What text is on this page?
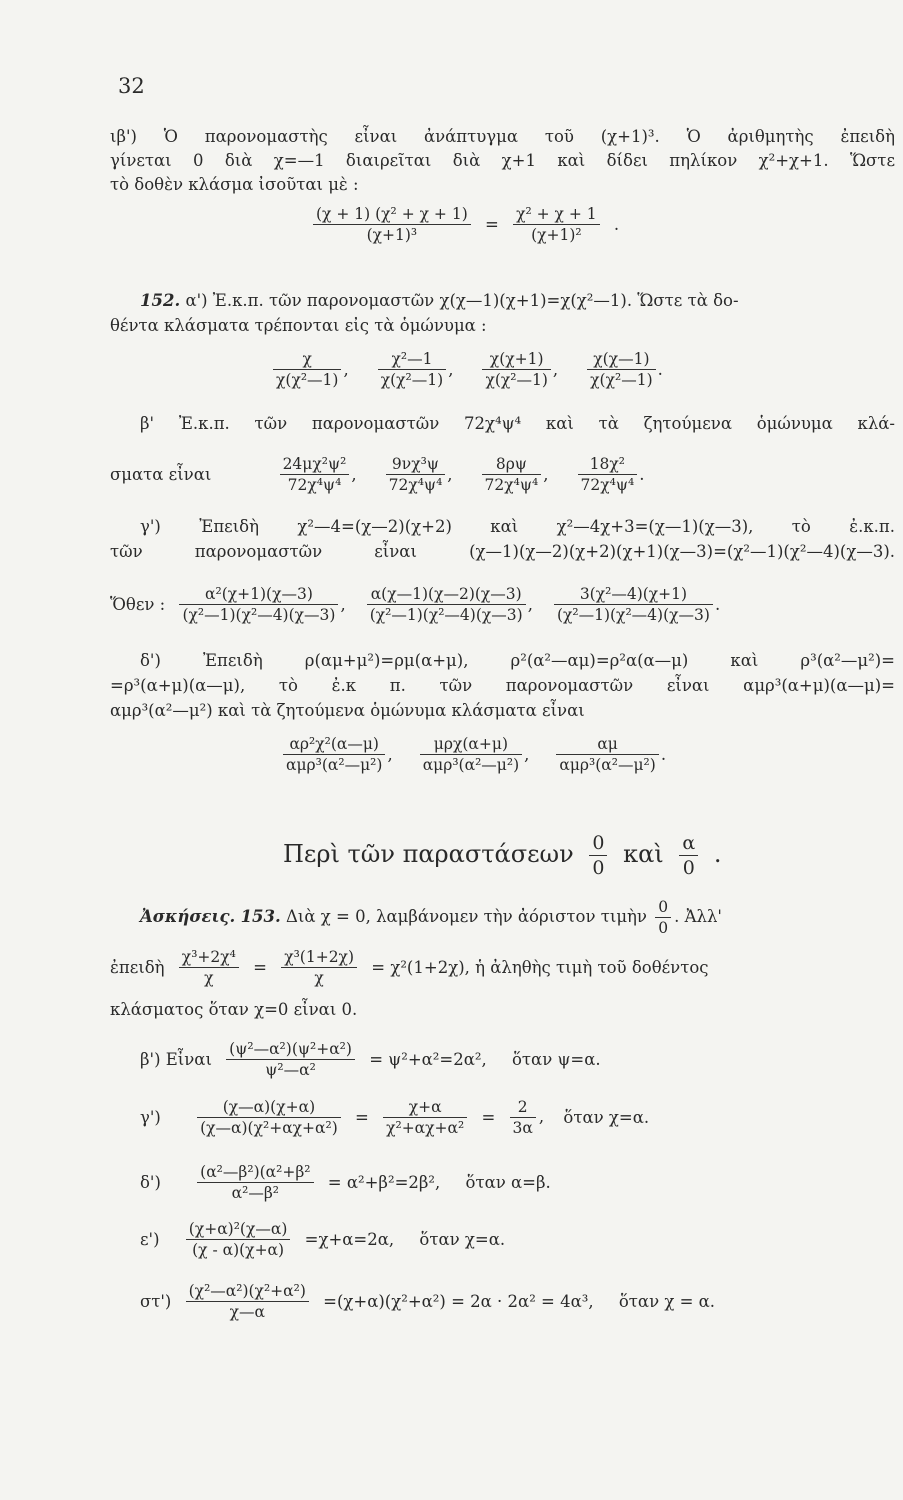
32
ιβ') Ὁ παρονομαστὴς εἶναι ἀνάπτυγμα τοῦ (χ+1)³. Ὁ ἀριθμητὴς ἐπειδὴ
γίνεται 0 διὰ χ=—1 διαιρεῖται διὰ χ+1 καὶ δίδει πηλίκον χ²+χ+1. Ὥστε
τὸ δοθὲν κλάσμα ἰσοῦται μὲ :
$\frac{\text{(χ + 1) (χ² + χ + 1)}}{\text{(χ+1)³}} = \frac{\text{χ² + χ + 1}}{\text{(χ+1)²}}$ .
152. α') Ἐ.κ.π. τῶν παρονομαστῶν χ(χ—1)(χ+1)=χ(χ²—1). Ὥστε τὰ δο-
θέντα κλάσματα τρέπονται εἰς τὰ ὁμώνυμα :
$\frac{\chi}{\text{χ(χ²—1)}}$ , $\frac{\text{χ²—1}}{\text{χ(χ²—1)}}$ , $\frac{\chi(\chi+1)}{\text{χ(χ²—1)}}$ , $\frac{\chi(\chi—1)}{\text{χ(χ²—1)}}$ .
β' Ἐ.κ.π. τῶν παρονομαστῶν 72χ⁴ψ⁴ καὶ τὰ ζητούμενα ὁμώνυμα κλά-
σματα εἶναι	$\frac{\text{24μχ²ψ²}}{\text{72χ⁴ψ⁴}}$ , $\frac{\text{9νχ³ψ}}{\text{72χ⁴ψ⁴}}$ , $\frac{8\rho\psi}{\text{72χ⁴ψ⁴}}$ , $\frac{\text{18χ²}}{\text{72χ⁴ψ⁴}}$ .
γ') Ἐπειδὴ χ²—4=(χ—2)(χ+2) καὶ χ²—4χ+3=(χ—1)(χ—3), τὸ ἐ.κ.π.
τῶν παρονομαστῶν εἶναι (χ—1)(χ—2)(χ+2)(χ+1)(χ—3)=(χ²—1)(χ²—4)(χ—3).
Ὅθεν : $\frac{\text{α²(χ+1)(χ—3)}}{\text{(χ²—1)(χ²—4)(χ—3)}}$ , $\frac{\alpha(\chi—1)(\chi—2)(\chi—3)}{\text{(χ²—1)(χ²—4)(χ—3)}}$ , $\frac{\text{3(χ²—4)(χ+1)}}{\text{(χ²—1)(χ²—4)(χ—3)}}$ .
δ') Ἐπειδὴ ρ(αμ+μ²)=ρμ(α+μ), ρ²(α²—αμ)=ρ²α(α—μ) καὶ ρ³(α²—μ²)=
=ρ³(α+μ)(α—μ), τὸ ἐ.κ π. τῶν παρονομαστῶν εἶναι αμρ³(α+μ)(α—μ)=
αμρ³(α²—μ²) καὶ τὰ ζητούμενα ὁμώνυμα κλάσματα εἶναι
$\frac{\text{αρ²χ²(α—μ)}}{\text{αμρ³(α²—μ²)}}$ , $\frac{\text{μρχ(α+μ)}}{\text{αμρ³(α²—μ²)}}$ , $\frac{\alpha\mu}{\text{αμρ³(α²—μ²)}}$ .
Περὶ τῶν παραστάσεων $\frac{0}{0}$ καὶ $\frac{\alpha}{0}$ .
Ἀσκήσεις. 153. Διὰ χ = 0, λαμβάνομεν τὴν ἀόριστον τιμὴν $\frac{0}{0}$ . Ἀλλ'
ἐπειδὴ $\frac{\text{χ³+2χ⁴}}{\chi} = \frac{\text{χ³(1+2χ)}}{\chi} = \chi^2(1+2\chi)$, ἡ ἀληθὴς τιμὴ τοῦ δοθέντος
κλάσματος ὅταν χ=0 εἶναι 0.
β') Εἶναι $\frac{\text{(ψ²—α²)(ψ²+α²)}}{\text{ψ²—α²}} = \psi^2+\alpha^2=2\alpha^2$, ὅταν ψ=α.
$\gamma') \frac{(\chi—\alpha)(\chi+\alpha)}{\text{(χ—α)(χ²+αχ+α²)}} = \frac{\chi+\alpha}{\text{χ²+αχ+α²}} = \frac{2}{3\alpha}$ , ὅταν χ=α.
$\delta') \frac{\text{(α²—β²)(α²+β²}}{\text{α²—β²}} = \alpha^2+\beta^2=2\beta^2$, ὅταν α=β.
$\varepsilon') \frac{\text{(χ+α)²(χ—α)}}{(\chi - \alpha)(\chi+\alpha)} =\chi+\alpha=2\alpha$, ὅταν χ=α.
$\sigma\tau') \frac{\text{(χ²—α²)(χ²+α²)}}{\chi—\alpha} =(\chi+\alpha)(\chi^2+\alpha^2) = 2\alpha \cdot 2\alpha^2 = 4\alpha^3$, ὅταν χ = α.
